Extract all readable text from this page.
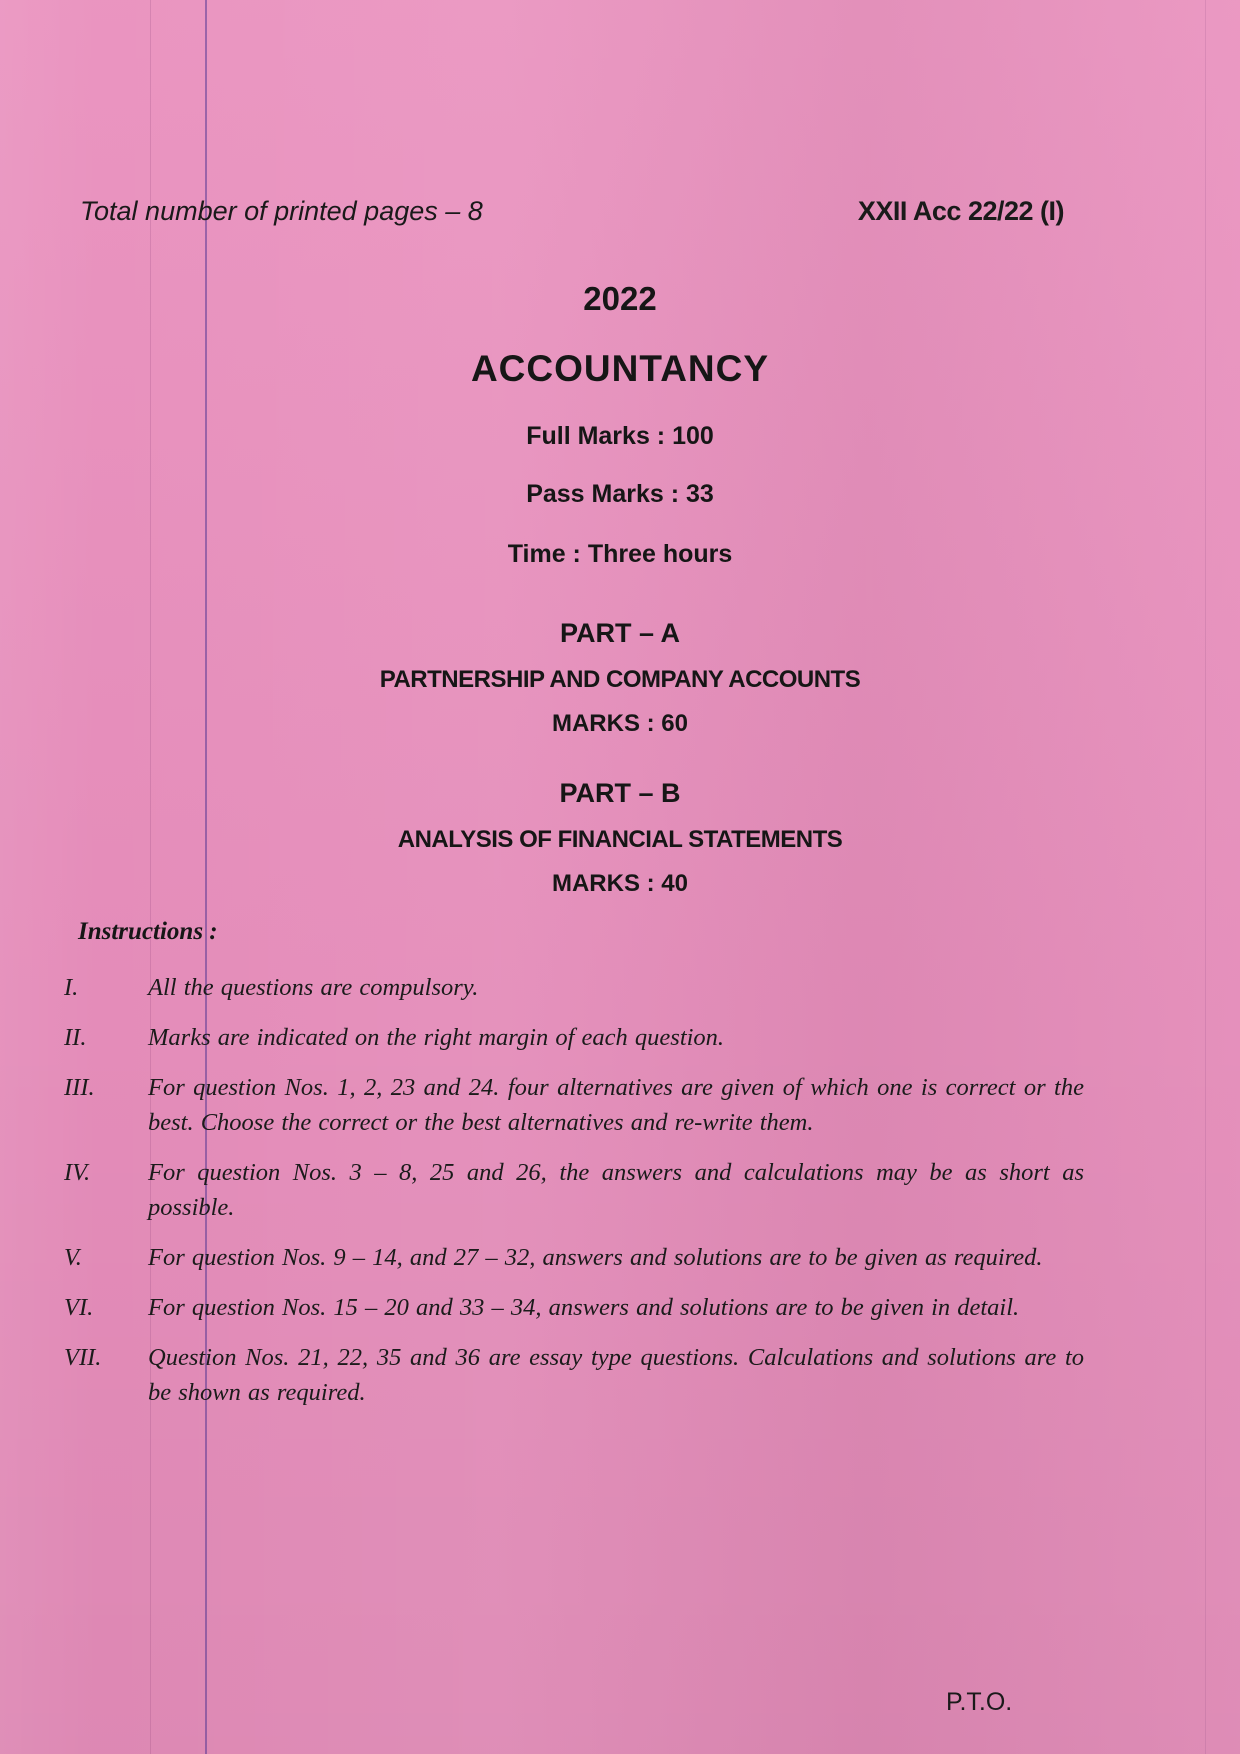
Total number of printed pages – 8	XXII Acc 22/22 (I)
2022
ACCOUNTANCY
Full Marks : 100
Pass Marks : 33
Time : Three hours
PART – A
PARTNERSHIP AND COMPANY ACCOUNTS
MARKS : 60
PART – B
ANALYSIS OF FINANCIAL STATEMENTS
MARKS : 40
Instructions :
I.	All the questions are compulsory.
II.	Marks are indicated on the right margin of each question.
III.	For question Nos. 1, 2, 23 and 24. four alternatives are given of which one is correct or the best. Choose the correct or the best alternatives and re-write them.
IV.	For question Nos. 3 – 8, 25 and 26, the answers and calculations may be as short as possible.
V.	For question Nos. 9 – 14, and 27 – 32, answers and solutions are to be given as required.
VI.	For question Nos. 15 – 20 and 33 – 34, answers and solutions are to be given in detail.
VII.	Question Nos. 21, 22, 35 and 36 are essay type questions. Calculations and solutions are to be shown as required.
P.T.O.
